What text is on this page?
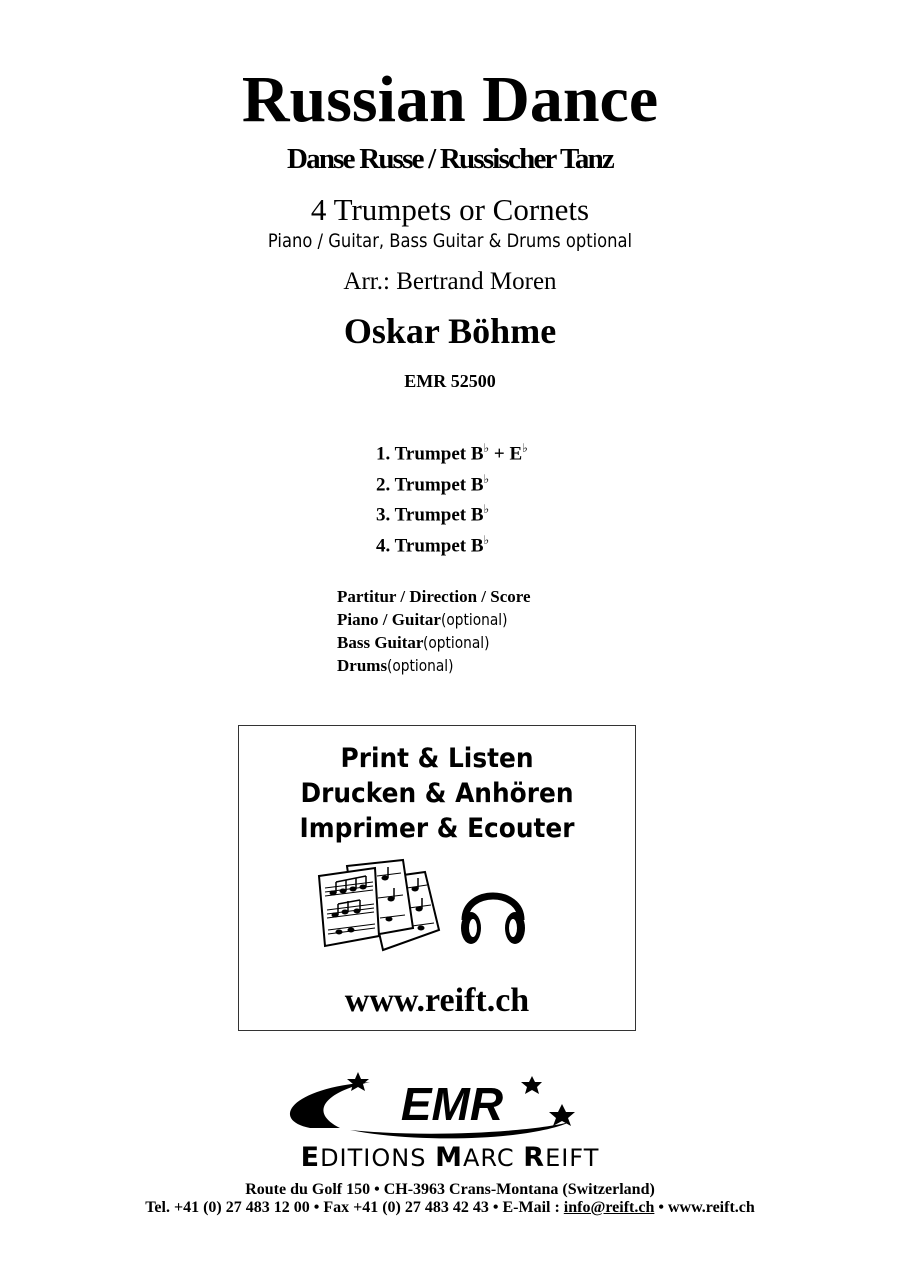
Russian Dance
Danse Russe / Russischer Tanz
4 Trumpets or Cornets
Piano / Guitar, Bass Guitar & Drums optional
Arr.: Bertrand Moren
Oskar Böhme
EMR 52500
1. Trumpet B♭ + E♭
2. Trumpet B♭
3. Trumpet B♭
4. Trumpet B♭
Partitur / Direction / Score
Piano / Guitar(optional)
Bass Guitar(optional)
Drums(optional)
Print & Listen
Drucken & Anhören
Imprimer & Ecouter
www.reift.ch
EMR
EDITIONS MARC REIFT
Route du Golf 150 • CH-3963 Crans-Montana (Switzerland)
Tel. +41 (0) 27 483 12 00 • Fax +41 (0) 27 483 42 43 • E-Mail : info@reift.ch • www.reift.ch
